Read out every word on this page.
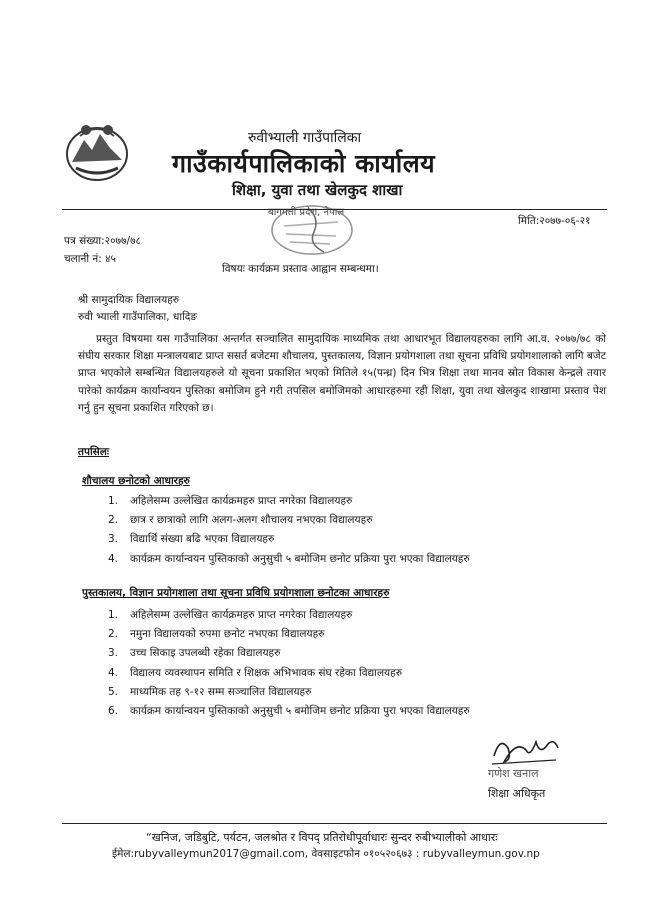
रुवीभ्याली गाउँपालिका
गाउँकार्यपालिकाको कार्यालय
शिक्षा, युवा तथा खेलकुद शाखा
बागमती प्रदेश, नेपाल
मिति:२०७७-०६-२१
पत्र संख्या:२०७७/७८
चलानी नं: ४५
विषयः कार्यक्रम प्रस्ताव आह्वान सम्बन्धमा।
श्री सामुदायिक विद्यालयहरु
रुवी भ्याली गाउँपालिका, धादिङ

प्रस्तुत विषयमा यस गाउँपालिका अन्तर्गत सञ्चालित सामुदायिक माध्यमिक तथा आधारभूत विद्यालयहरुका लागि आ.व. २०७७/७८ को संघीय सरकार शिक्षा मन्त्रालयबाट प्राप्त ससर्त बजेटमा शौचालय, पुस्तकालय, विज्ञान प्रयोगशाला तथा सूचना प्रविधि प्रयोगशालाको लागि बजेट प्राप्त भएकोले सम्बन्धित विद्यालयहरुले यो सूचना प्रकाशित भएको मितिले १५(पन्ध्र) दिन भित्र शिक्षा तथा मानव स्रोत विकास केन्द्रले तयार पारेको कार्यक्रम कार्यान्वयन पुस्तिका बमोजिम हुने गरी तपसिल बमोजिमको आधारहरुमा रही शिक्षा, युवा तथा खेलकुद शाखामा प्रस्ताव पेश गर्नु हुन सूचना प्रकाशित गरिएको छ।

तपसिलः
शौचालय छनोटको आधारहरु
1. अहिलेसम्म उल्लेखित कार्यक्रमहरु प्राप्त नगरेका विद्यालयहरु
2. छात्र र छात्राको लागि अलग-अलग शौचालय नभएका विद्यालयहरु
3. विद्यार्थि संख्या बढि भएका विद्यालयहरु
4. कार्यक्रम कार्यान्वयन पुस्तिकाको अनुसुची ५ बमोजिम छनोट प्रक्रिया पुरा भएका विद्यालयहरु
पुस्तकालय, विज्ञान प्रयोगशाला तथा सूचना प्रविधि प्रयोगशाला छनोटका आधारहरु
1. अहिलेसम्म उल्लेखित कार्यक्रमहरु प्राप्त नगरेका विद्यालयहरु
2. नमुना विद्यालयको रुपमा छनोट नभएका विद्यालयहरु
3. उच्च सिकाइ उपलब्धी रहेका विद्यालयहरु
4. विद्यालय व्यवस्थापन समिति र शिक्षक अभिभावक संघ रहेका विद्यालयहरु
5. माध्यमिक तह ९-१२ सम्म सञ्चालित विद्यालयहरु
6. कार्यक्रम कार्यान्वयन पुस्तिकाको अनुसुची ५ बमोजिम छनोट प्रक्रिया पुरा भएका विद्यालयहरु
गणेश खनाल
शिक्षा अधिकृत
“खनिज, जडिबुटि, पर्यटन, जलश्रोत र विपद् प्रतिरोधीपूर्वाधारः सुन्दर रुबीभ्यालीको आधारः
ईमेल:rubyvalleymun2017@gmail.com, वेवसाइटफोन ०१०५२०६७३ : rubyvalleymun.gov.np
